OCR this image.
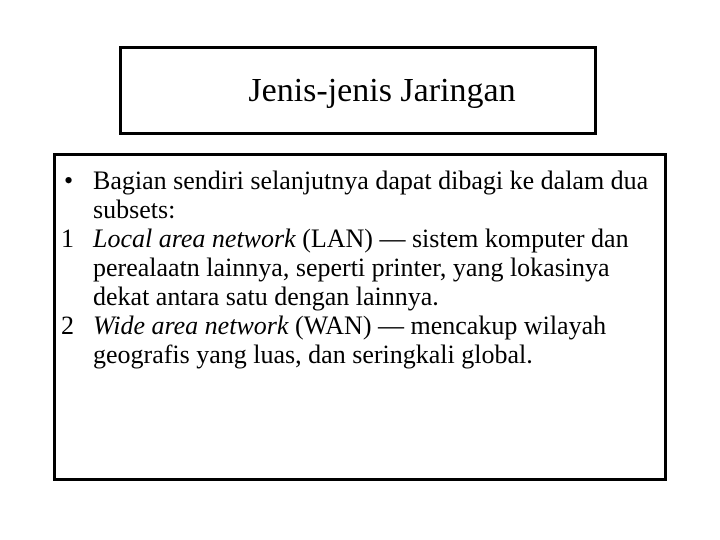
Jenis-jenis Jaringan
• Bagian sendiri selanjutnya dapat dibagi ke dalam dua subsets:
1 Local area network (LAN) — sistem komputer dan perealaatn lainnya, seperti printer, yang lokasinya dekat antara satu dengan lainnya.
2 Wide area network (WAN) — mencakup wilayah geografis yang luas, dan seringkali global.
